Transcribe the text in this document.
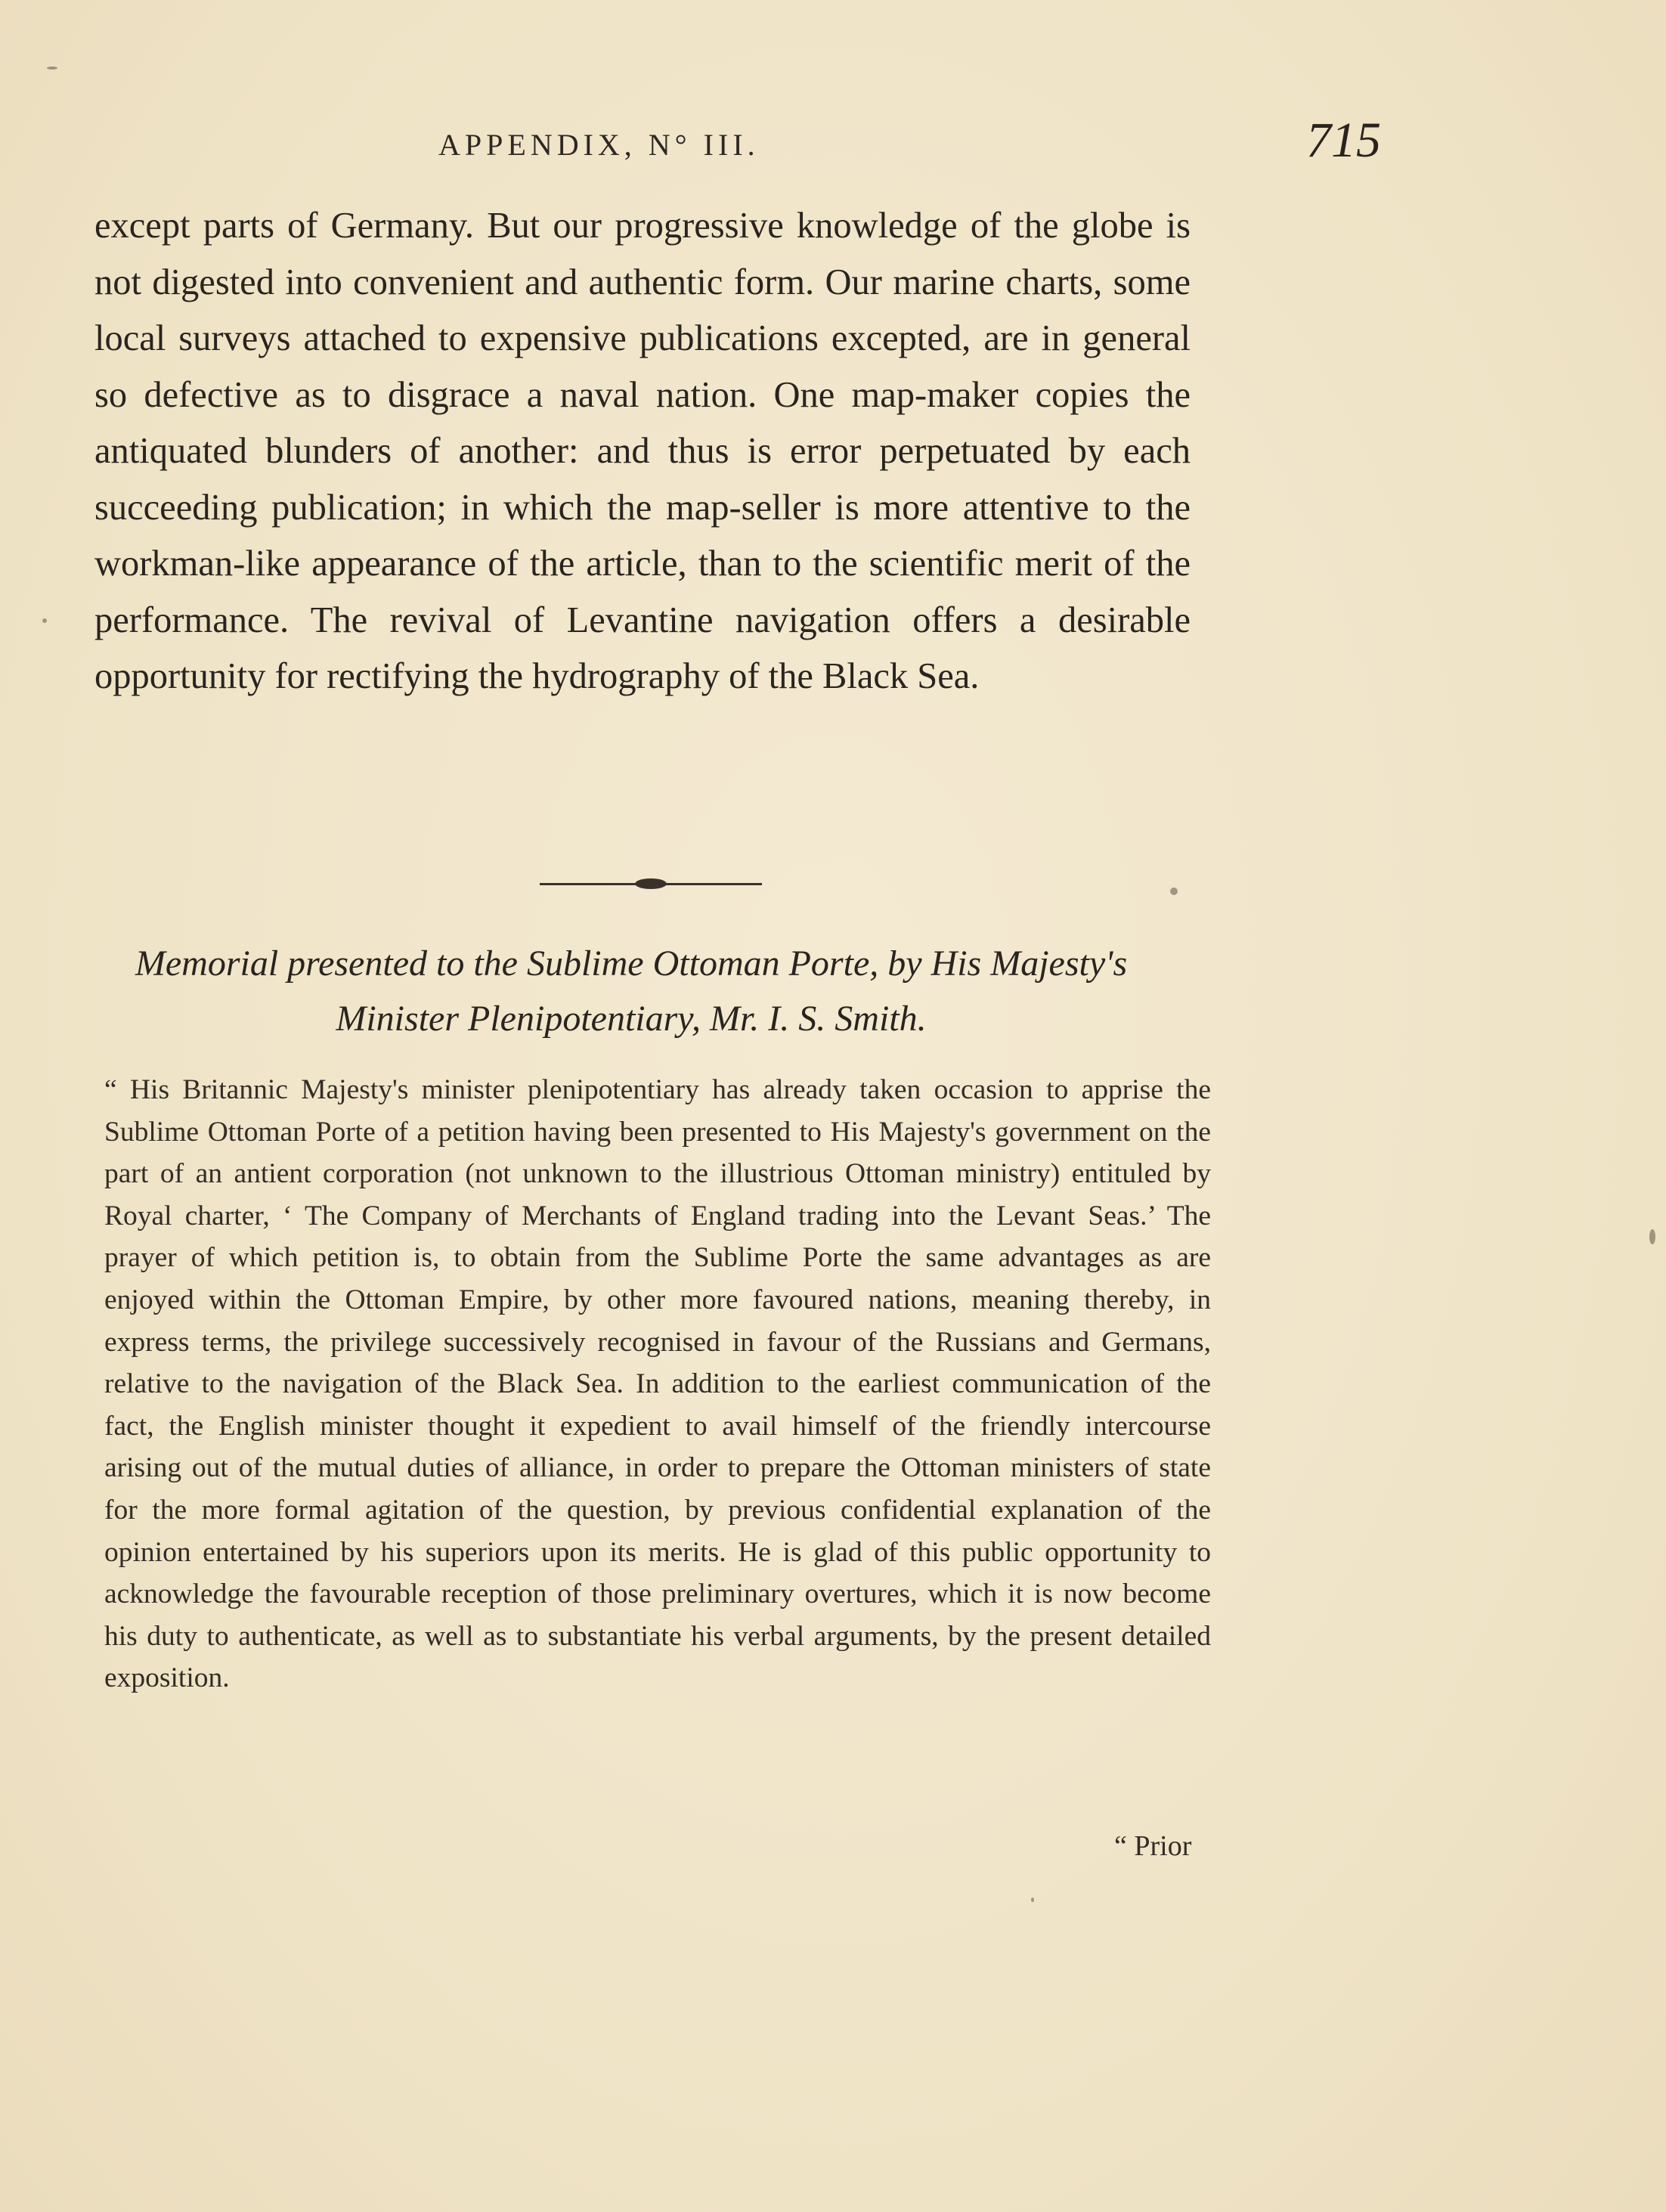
APPENDIX, N° III.	715
except parts of Germany. But our progressive knowledge of the globe is not digested into convenient and authentic form. Our marine charts, some local surveys attached to expensive publications excepted, are in general so defective as to disgrace a naval nation. One map-maker copies the antiquated blunders of another: and thus is error perpetuated by each succeeding publication; in which the map-seller is more attentive to the workman-like appearance of the article, than to the scientific merit of the performance. The revival of Levantine navigation offers a desirable opportunity for rectifying the hydrography of the Black Sea.
Memorial presented to the Sublime Ottoman Porte, by His Majesty's Minister Plenipotentiary, Mr. I. S. Smith.
“ His Britannic Majesty's minister plenipotentiary has already taken occasion to apprise the Sublime Ottoman Porte of a petition having been presented to His Majesty's government on the part of an antient corporation (not unknown to the illustrious Ottoman ministry) entituled by Royal charter, ‘ The Company of Merchants of England trading into the Levant Seas.’ The prayer of which petition is, to obtain from the Sublime Porte the same advantages as are enjoyed within the Ottoman Empire, by other more favoured nations, meaning thereby, in express terms, the privilege successively recognised in favour of the Russians and Germans, relative to the navigation of the Black Sea. In addition to the earliest communication of the fact, the English minister thought it expedient to avail himself of the friendly intercourse arising out of the mutual duties of alliance, in order to prepare the Ottoman ministers of state for the more formal agitation of the question, by previous confidential explanation of the opinion entertained by his superiors upon its merits. He is glad of this public opportunity to acknowledge the favourable reception of those preliminary overtures, which it is now become his duty to authenticate, as well as to substantiate his verbal arguments, by the present detailed exposition.
“ Prior
